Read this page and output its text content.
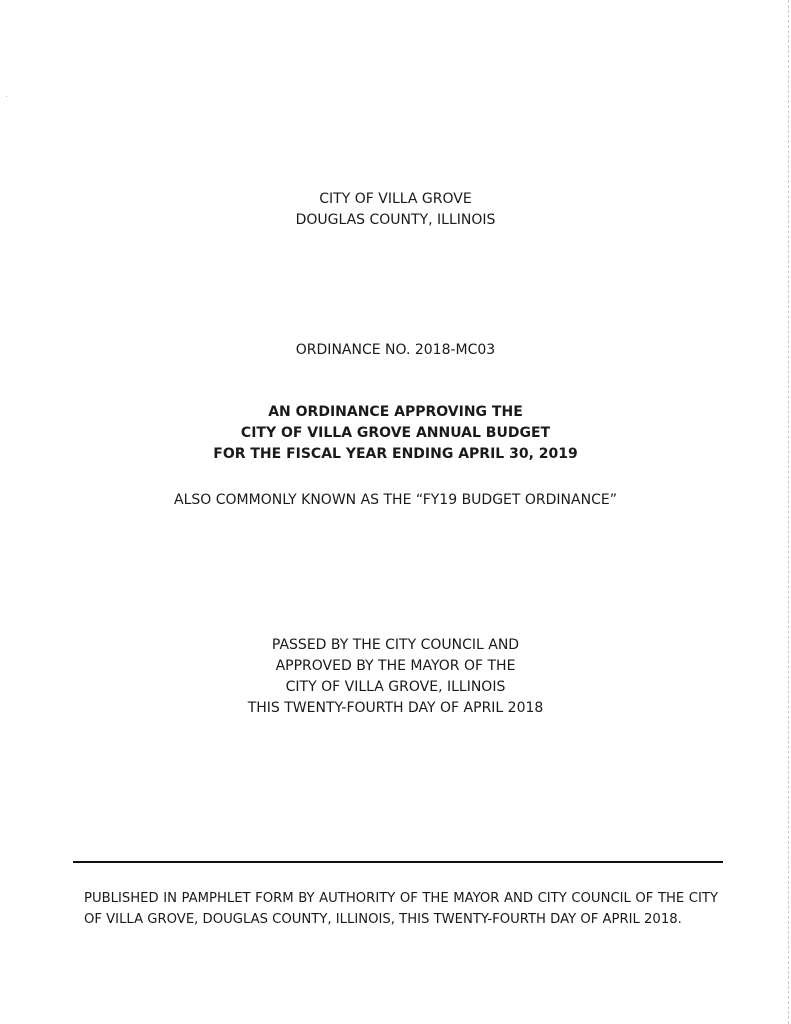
CITY OF VILLA GROVE
DOUGLAS COUNTY, ILLINOIS
ORDINANCE NO. 2018-MC03
AN ORDINANCE APPROVING THE
CITY OF VILLA GROVE ANNUAL BUDGET
FOR THE FISCAL YEAR ENDING APRIL 30, 2019
ALSO COMMONLY KNOWN AS THE “FY19 BUDGET ORDINANCE”
PASSED BY THE CITY COUNCIL AND
APPROVED BY THE MAYOR OF THE
CITY OF VILLA GROVE, ILLINOIS
THIS TWENTY-FOURTH DAY OF APRIL 2018
PUBLISHED IN PAMPHLET FORM BY AUTHORITY OF THE MAYOR AND CITY COUNCIL OF THE CITY OF VILLA GROVE, DOUGLAS COUNTY, ILLINOIS, THIS TWENTY-FOURTH DAY OF APRIL 2018.
